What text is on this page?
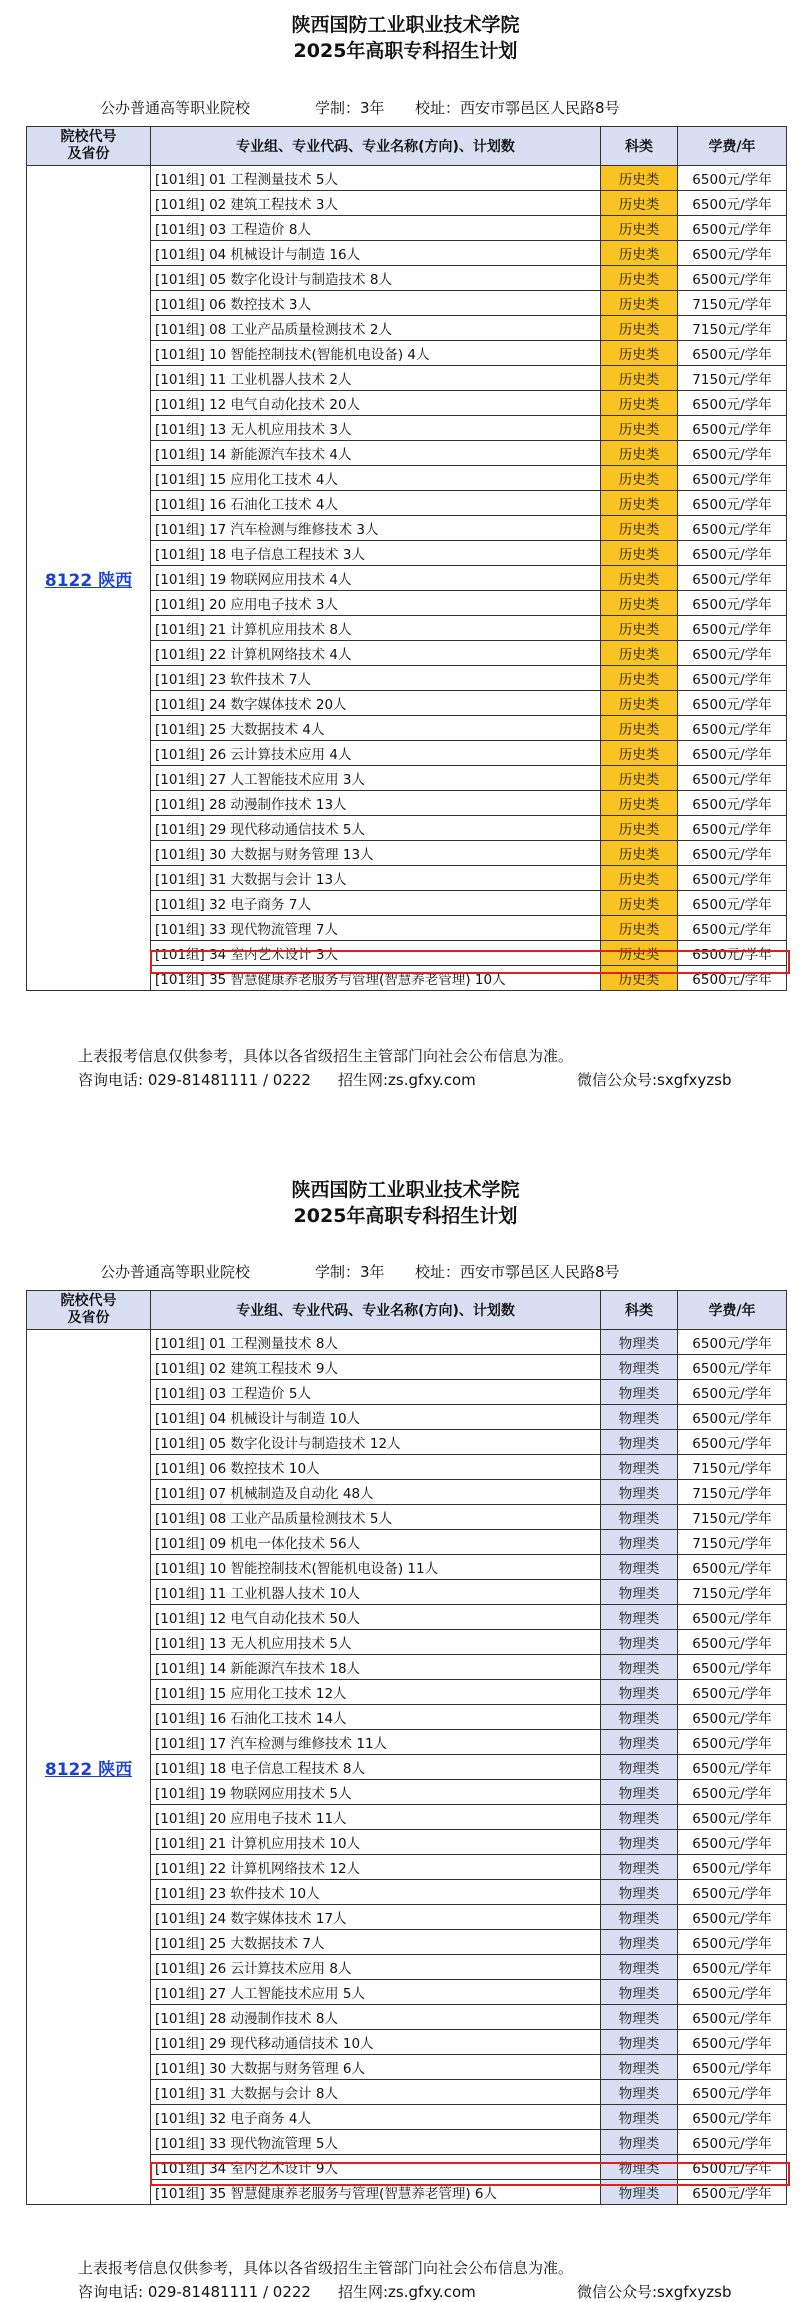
陕西国防工业职业技术学院
2025年高职专科招生计划
公办普通高等职业院校	学制：3年 校址：西安市鄠邑区人民路8号
院校代号
及省份	专业组、专业代码、专业名称(方向)、计划数	科类	学费/年
8122 陕西	[101组] 01 工程测量技术 5人	历史类	6500元/学年
	[101组] 02 建筑工程技术 3人	历史类	6500元/学年
	[101组] 03 工程造价 8人	历史类	6500元/学年
	[101组] 04 机械设计与制造 16人	历史类	6500元/学年
	[101组] 05 数字化设计与制造技术 8人	历史类	6500元/学年
	[101组] 06 数控技术 3人	历史类	7150元/学年
	[101组] 08 工业产品质量检测技术 2人	历史类	7150元/学年
	[101组] 10 智能控制技术(智能机电设备) 4人	历史类	6500元/学年
	[101组] 11 工业机器人技术 2人	历史类	7150元/学年
	[101组] 12 电气自动化技术 20人	历史类	6500元/学年
	[101组] 13 无人机应用技术 3人	历史类	6500元/学年
	[101组] 14 新能源汽车技术 4人	历史类	6500元/学年
	[101组] 15 应用化工技术 4人	历史类	6500元/学年
	[101组] 16 石油化工技术 4人	历史类	6500元/学年
	[101组] 17 汽车检测与维修技术 3人	历史类	6500元/学年
	[101组] 18 电子信息工程技术 3人	历史类	6500元/学年
	[101组] 19 物联网应用技术 4人	历史类	6500元/学年
	[101组] 20 应用电子技术 3人	历史类	6500元/学年
	[101组] 21 计算机应用技术 8人	历史类	6500元/学年
	[101组] 22 计算机网络技术 4人	历史类	6500元/学年
	[101组] 23 软件技术 7人	历史类	6500元/学年
	[101组] 24 数字媒体技术 20人	历史类	6500元/学年
	[101组] 25 大数据技术 4人	历史类	6500元/学年
	[101组] 26 云计算技术应用 4人	历史类	6500元/学年
	[101组] 27 人工智能技术应用 3人	历史类	6500元/学年
	[101组] 28 动漫制作技术 13人	历史类	6500元/学年
	[101组] 29 现代移动通信技术 5人	历史类	6500元/学年
	[101组] 30 大数据与财务管理 13人	历史类	6500元/学年
	[101组] 31 大数据与会计 13人	历史类	6500元/学年
	[101组] 32 电子商务 7人	历史类	6500元/学年
	[101组] 33 现代物流管理 7人	历史类	6500元/学年
	[101组] 34 室内艺术设计 3人	历史类	6500元/学年
	[101组] 35 智慧健康养老服务与管理(智慧养老管理) 10人	历史类	6500元/学年
上表报考信息仅供参考，具体以各省级招生主管部门向社会公布信息为准。
咨询电话: 029-81481111 / 0222 招生网:zs.gfxy.com	微信公众号:sxgfxyzsb
陕西国防工业职业技术学院
2025年高职专科招生计划
公办普通高等职业院校	学制：3年 校址：西安市鄠邑区人民路8号
院校代号
及省份	专业组、专业代码、专业名称(方向)、计划数	科类	学费/年
8122 陕西	[101组] 01 工程测量技术 8人	物理类	6500元/学年
	[101组] 02 建筑工程技术 9人	物理类	6500元/学年
	[101组] 03 工程造价 5人	物理类	6500元/学年
	[101组] 04 机械设计与制造 10人	物理类	6500元/学年
	[101组] 05 数字化设计与制造技术 12人	物理类	6500元/学年
	[101组] 06 数控技术 10人	物理类	7150元/学年
	[101组] 07 机械制造及自动化 48人	物理类	7150元/学年
	[101组] 08 工业产品质量检测技术 5人	物理类	7150元/学年
	[101组] 09 机电一体化技术 56人	物理类	7150元/学年
	[101组] 10 智能控制技术(智能机电设备) 11人	物理类	6500元/学年
	[101组] 11 工业机器人技术 10人	物理类	7150元/学年
	[101组] 12 电气自动化技术 50人	物理类	6500元/学年
	[101组] 13 无人机应用技术 5人	物理类	6500元/学年
	[101组] 14 新能源汽车技术 18人	物理类	6500元/学年
	[101组] 15 应用化工技术 12人	物理类	6500元/学年
	[101组] 16 石油化工技术 14人	物理类	6500元/学年
	[101组] 17 汽车检测与维修技术 11人	物理类	6500元/学年
	[101组] 18 电子信息工程技术 8人	物理类	6500元/学年
	[101组] 19 物联网应用技术 5人	物理类	6500元/学年
	[101组] 20 应用电子技术 11人	物理类	6500元/学年
	[101组] 21 计算机应用技术 10人	物理类	6500元/学年
	[101组] 22 计算机网络技术 12人	物理类	6500元/学年
	[101组] 23 软件技术 10人	物理类	6500元/学年
	[101组] 24 数字媒体技术 17人	物理类	6500元/学年
	[101组] 25 大数据技术 7人	物理类	6500元/学年
	[101组] 26 云计算技术应用 8人	物理类	6500元/学年
	[101组] 27 人工智能技术应用 5人	物理类	6500元/学年
	[101组] 28 动漫制作技术 8人	物理类	6500元/学年
	[101组] 29 现代移动通信技术 10人	物理类	6500元/学年
	[101组] 30 大数据与财务管理 6人	物理类	6500元/学年
	[101组] 31 大数据与会计 8人	物理类	6500元/学年
	[101组] 32 电子商务 4人	物理类	6500元/学年
	[101组] 33 现代物流管理 5人	物理类	6500元/学年
	[101组] 34 室内艺术设计 9人	物理类	6500元/学年
	[101组] 35 智慧健康养老服务与管理(智慧养老管理) 6人	物理类	6500元/学年
上表报考信息仅供参考，具体以各省级招生主管部门向社会公布信息为准。
咨询电话: 029-81481111 / 0222 招生网:zs.gfxy.com	微信公众号:sxgfxyzsb
